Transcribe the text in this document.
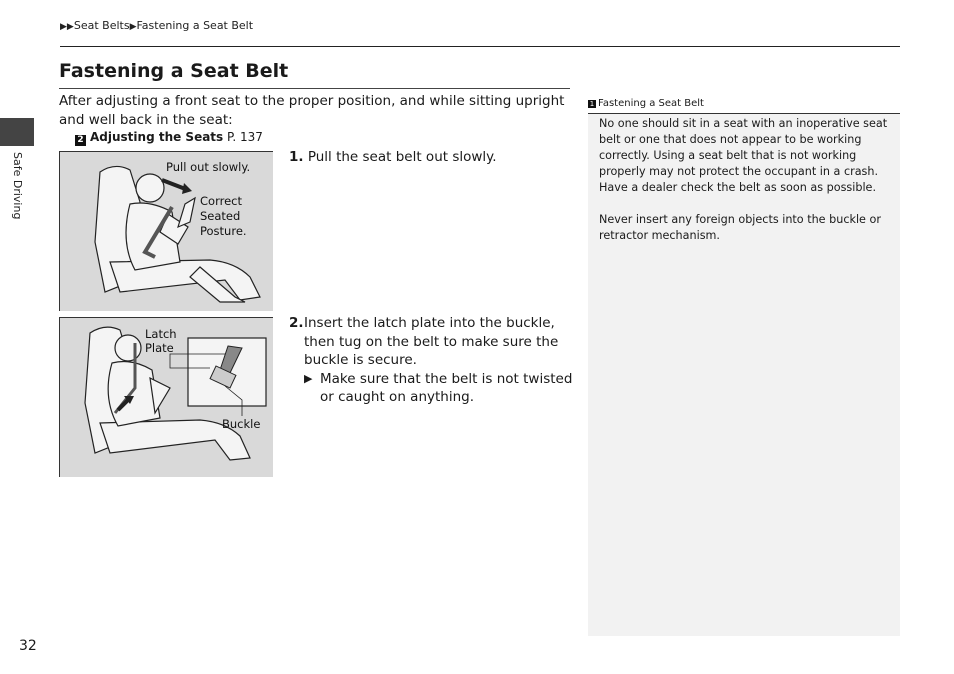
▶▶Seat Belts▶Fastening a Seat Belt
Safe Driving
Fastening a Seat Belt
After adjusting a front seat to the proper position, and while sitting upright and well back in the seat:
2 Adjusting the Seats P. 137
Pull out slowly.
Correct
Seated
Posture.
1. Pull the seat belt out slowly.
Latch
Plate
Buckle
2. Insert the latch plate into the buckle, then tug on the belt to make sure the buckle is secure.
▶ Make sure that the belt is not twisted or caught on anything.
1 Fastening a Seat Belt

No one should sit in a seat with an inoperative seat belt or one that does not appear to be working correctly. Using a seat belt that is not working properly may not protect the occupant in a crash. Have a dealer check the belt as soon as possible.

Never insert any foreign objects into the buckle or retractor mechanism.

32
